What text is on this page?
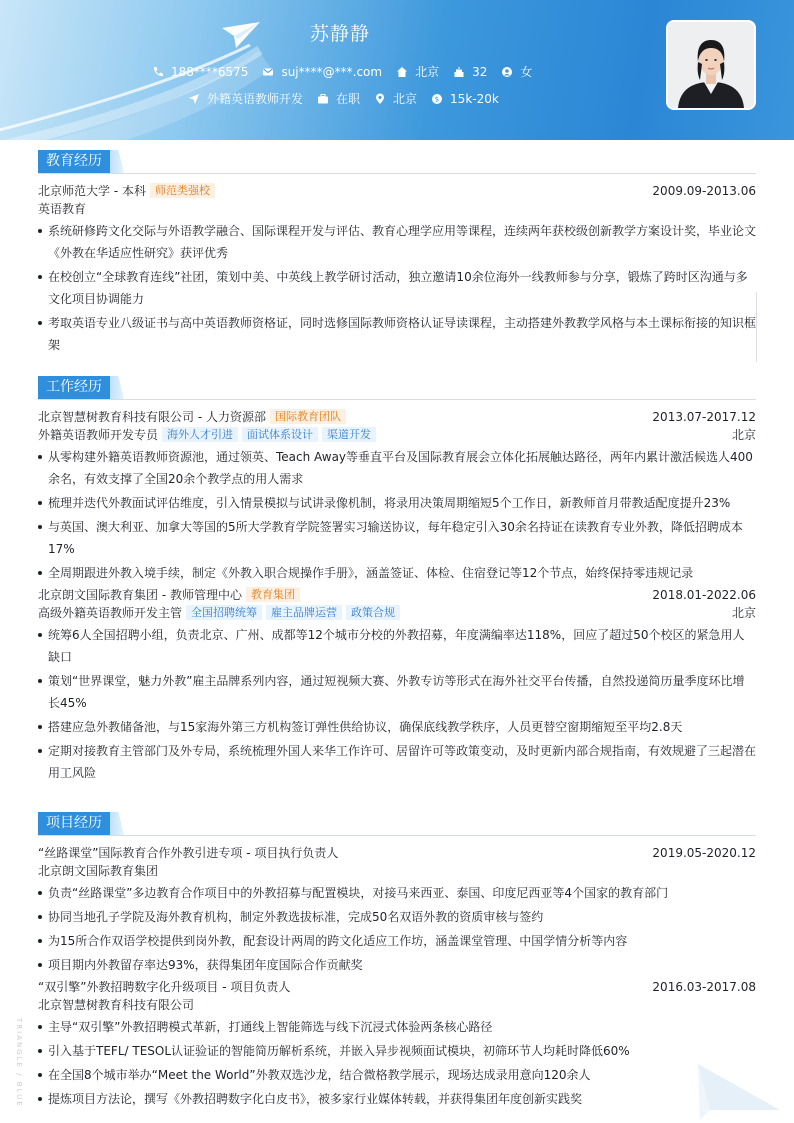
苏静静
188****6575	suj****@***.com	北京	32	女
外籍英语教师开发	在职	北京	$ 15k-20k
教育经历
北京师范大学 - 本科 师范类强校	2009.09-2013.06
英语教育
系统研修跨文化交际与外语教学融合、国际课程开发与评估、教育心理学应用等课程，连续两年获校级创新教学方案设计奖，毕业论文《外教在华适应性研究》获评优秀
在校创立“全球教育连线”社团，策划中美、中英线上教学研讨活动，独立邀请10余位海外一线教师参与分享，锻炼了跨时区沟通与多文化项目协调能力
考取英语专业八级证书与高中英语教师资格证，同时选修国际教师资格认证导读课程，主动搭建外教教学风格与本土课标衔接的知识框架
工作经历
北京智慧树教育科技有限公司 - 人力资源部 国际教育团队	2013.07-2017.12
外籍英语教师开发专员 海外人才引进 面试体系设计 渠道开发	北京
从零构建外籍英语教师资源池，通过领英、Teach Away等垂直平台及国际教育展会立体化拓展触达路径，两年内累计激活候选人400余名，有效支撑了全国20余个教学点的用人需求
梳理并迭代外教面试评估维度，引入情景模拟与试讲录像机制，将录用决策周期缩短5个工作日，新教师首月带教适配度提升23%
与英国、澳大利亚、加拿大等国的5所大学教育学院签署实习输送协议，每年稳定引入30余名持证在读教育专业外教，降低招聘成本17%
全周期跟进外教入境手续，制定《外教入职合规操作手册》，涵盖签证、体检、住宿登记等12个节点，始终保持零违规记录
北京朗文国际教育集团 - 教师管理中心 教育集团	2018.01-2022.06
高级外籍英语教师开发主管 全国招聘统筹 雇主品牌运营 政策合规	北京
统筹6人全国招聘小组，负责北京、广州、成都等12个城市分校的外教招募，年度满编率达118%，回应了超过50个校区的紧急用人缺口
策划“世界课堂，魅力外教”雇主品牌系列内容，通过短视频大赛、外教专访等形式在海外社交平台传播，自然投递简历量季度环比增长45%
搭建应急外教储备池，与15家海外第三方机构签订弹性供给协议，确保底线教学秩序，人员更替空窗期缩短至平均2.8天
定期对接教育主管部门及外专局，系统梳理外国人来华工作许可、居留许可等政策变动，及时更新内部合规指南，有效规避了三起潜在用工风险
项目经历
“丝路课堂”国际教育合作外教引进专项 - 项目执行负责人	2019.05-2020.12
北京朗文国际教育集团
负责“丝路课堂”多边教育合作项目中的外教招募与配置模块，对接马来西亚、泰国、印度尼西亚等4个国家的教育部门
协同当地孔子学院及海外教育机构，制定外教选拔标准，完成50名双语外教的资质审核与签约
为15所合作双语学校提供到岗外教，配套设计两周的跨文化适应工作坊，涵盖课堂管理、中国学情分析等内容
项目期内外教留存率达93%，获得集团年度国际合作贡献奖
“双引擎”外教招聘数字化升级项目 - 项目负责人	2016.03-2017.08
北京智慧树教育科技有限公司
主导“双引擎”外教招聘模式革新，打通线上智能筛选与线下沉浸式体验两条核心路径
引入基于TEFL/ TESOL认证验证的智能简历解析系统，并嵌入异步视频面试模块，初筛环节人均耗时降低60%
在全国8个城市举办“Meet the World”外教双选沙龙，结合微格教学展示，现场达成录用意向120余人
提炼项目方法论，撰写《外教招聘数字化白皮书》，被多家行业媒体转载，并获得集团年度创新实践奖
TRIANGLE / BLUE
